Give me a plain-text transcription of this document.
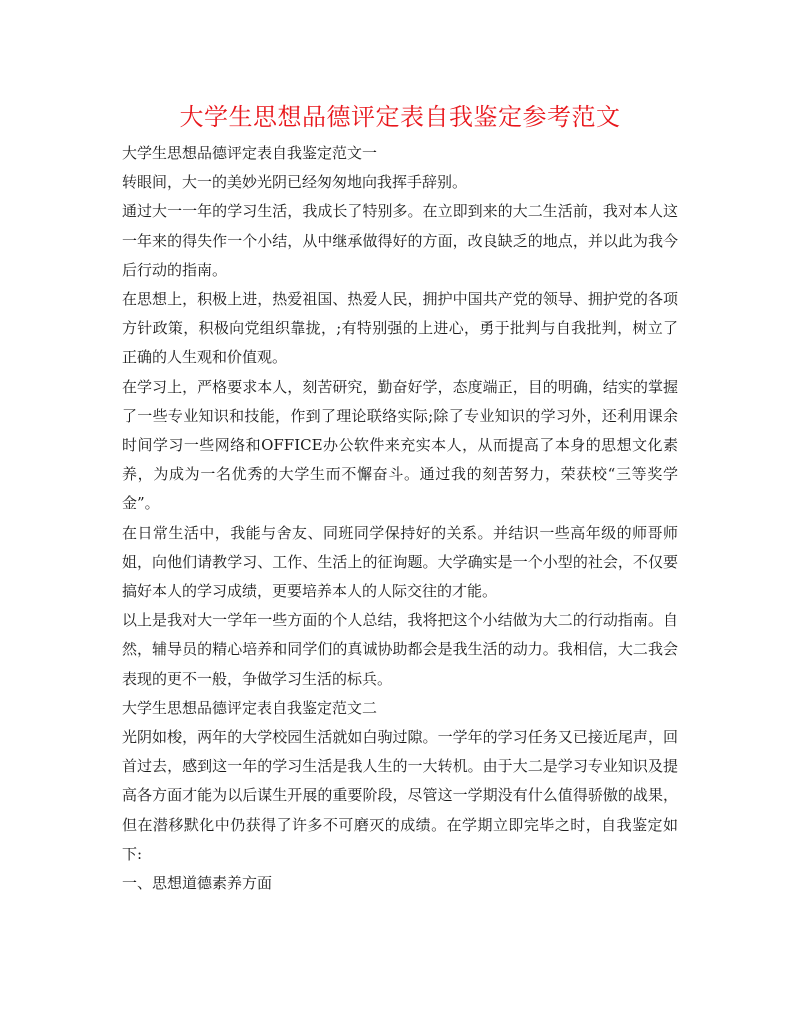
大学生思想品德评定表自我鉴定参考范文

大学生思想品德评定表自我鉴定范文一

转眼间，大一的美妙光阴已经匆匆地向我挥手辞别。

通过大一一年的学习生活，我成长了特别多。在立即到来的大二生活前，我对本人这一年来的得失作一个小结，从中继承做得好的方面，改良缺乏的地点，并以此为我今后行动的指南。

在思想上，积极上进，热爱祖国、热爱人民，拥护中国共产党的领导、拥护党的各项方针政策，积极向党组织靠拢，;有特别强的上进心，勇于批判与自我批判，树立了正确的人生观和价值观。

在学习上，严格要求本人，刻苦研究，勤奋好学，态度端正，目的明确，结实的掌握了一些专业知识和技能，作到了理论联络实际;除了专业知识的学习外，还利用课余时间学习一些网络和OFFICE办公软件来充实本人，从而提高了本身的思想文化素养，为成为一名优秀的大学生而不懈奋斗。通过我的刻苦努力，荣获校“三等奖学金”。

在日常生活中，我能与舍友、同班同学保持好的关系。并结识一些高年级的师哥师姐，向他们请教学习、工作、生活上的征询题。大学确实是一个小型的社会，不仅要搞好本人的学习成绩，更要培养本人的人际交往的才能。

以上是我对大一学年一些方面的个人总结，我将把这个小结做为大二的行动指南。自然，辅导员的精心培养和同学们的真诚协助都会是我生活的动力。我相信，大二我会表现的更不一般，争做学习生活的标兵。

大学生思想品德评定表自我鉴定范文二

光阴如梭，两年的大学校园生活就如白驹过隙。一学年的学习任务又已接近尾声，回首过去，感到这一年的学习生活是我人生的一大转机。由于大二是学习专业知识及提高各方面才能为以后谋生开展的重要阶段，尽管这一学期没有什么值得骄傲的战果，但在潜移默化中仍获得了许多不可磨灭的成绩。在学期立即完毕之时，自我鉴定如下:

一、思想道德素养方面
